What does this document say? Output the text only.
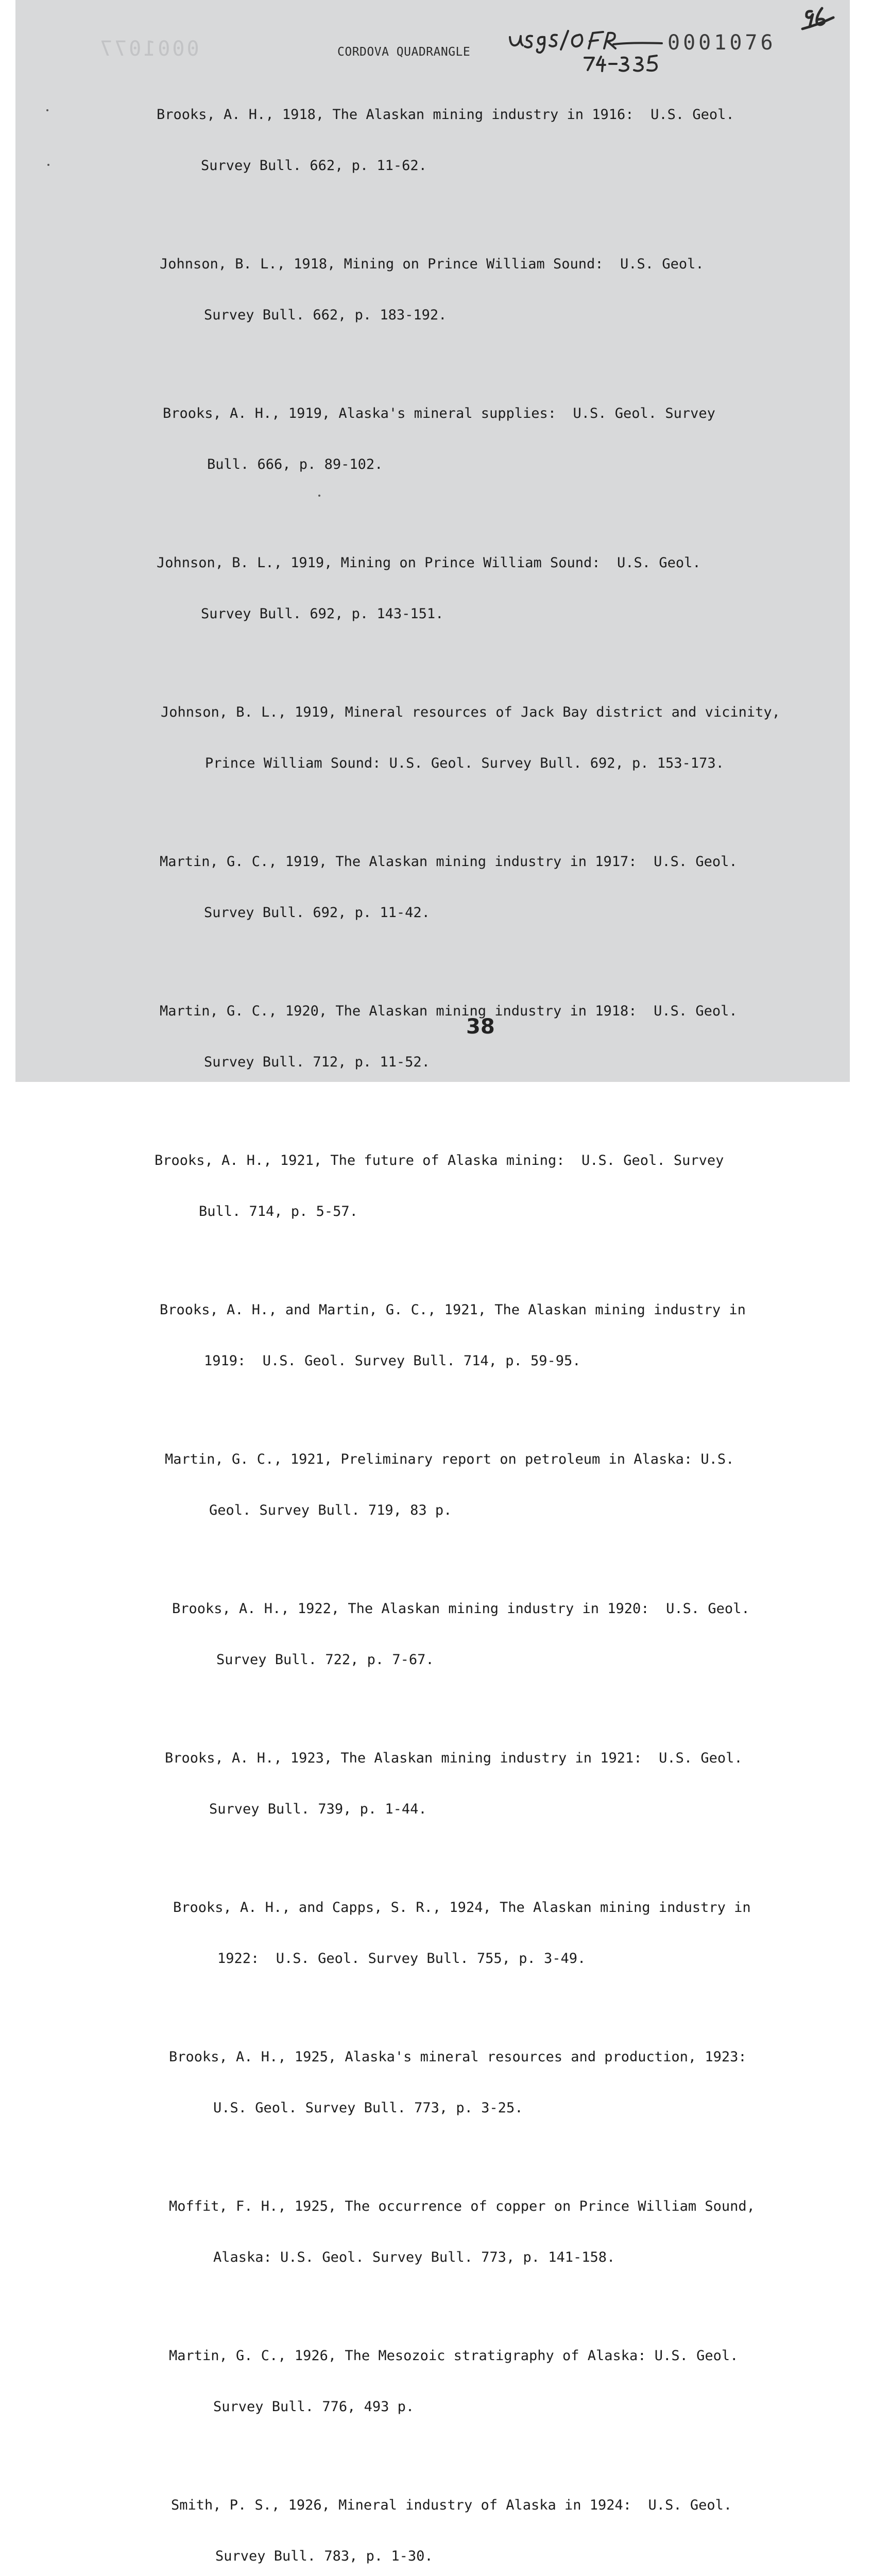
0001077	CORDOVA QUADRANGLE	0001076

Brooks, A. H., 1918, The Alaskan mining industry in 1916:  U.S. Geol.

Survey Bull. 662, p. 11-62.

Johnson, B. L., 1918, Mining on Prince William Sound:  U.S. Geol.

Survey Bull. 662, p. 183-192.

Brooks, A. H., 1919, Alaska's mineral supplies:  U.S. Geol. Survey

Bull. 666, p. 89-102.

Johnson, B. L., 1919, Mining on Prince William Sound:  U.S. Geol.

Survey Bull. 692, p. 143-151.

Johnson, B. L., 1919, Mineral resources of Jack Bay district and vicinity,

Prince William Sound: U.S. Geol. Survey Bull. 692, p. 153-173.

Martin, G. C., 1919, The Alaskan mining industry in 1917:  U.S. Geol.

Survey Bull. 692, p. 11-42.

Martin, G. C., 1920, The Alaskan mining industry in 1918:  U.S. Geol.

Survey Bull. 712, p. 11-52.

Brooks, A. H., 1921, The future of Alaska mining:  U.S. Geol. Survey

Bull. 714, p. 5-57.

Brooks, A. H., and Martin, G. C., 1921, The Alaskan mining industry in

1919:  U.S. Geol. Survey Bull. 714, p. 59-95.

Martin, G. C., 1921, Preliminary report on petroleum in Alaska: U.S.

Geol. Survey Bull. 719, 83 p.

Brooks, A. H., 1922, The Alaskan mining industry in 1920:  U.S. Geol.

Survey Bull. 722, p. 7-67.

Brooks, A. H., 1923, The Alaskan mining industry in 1921:  U.S. Geol.

Survey Bull. 739, p. 1-44.

Brooks, A. H., and Capps, S. R., 1924, The Alaskan mining industry in

1922:  U.S. Geol. Survey Bull. 755, p. 3-49.

Brooks, A. H., 1925, Alaska's mineral resources and production, 1923:

U.S. Geol. Survey Bull. 773, p. 3-25.

Moffit, F. H., 1925, The occurrence of copper on Prince William Sound,

Alaska: U.S. Geol. Survey Bull. 773, p. 141-158.

Martin, G. C., 1926, The Mesozoic stratigraphy of Alaska: U.S. Geol.

Survey Bull. 776, 493 p.

Smith, P. S., 1926, Mineral industry of Alaska in 1924:  U.S. Geol.

Survey Bull. 783, p. 1-30.

38
